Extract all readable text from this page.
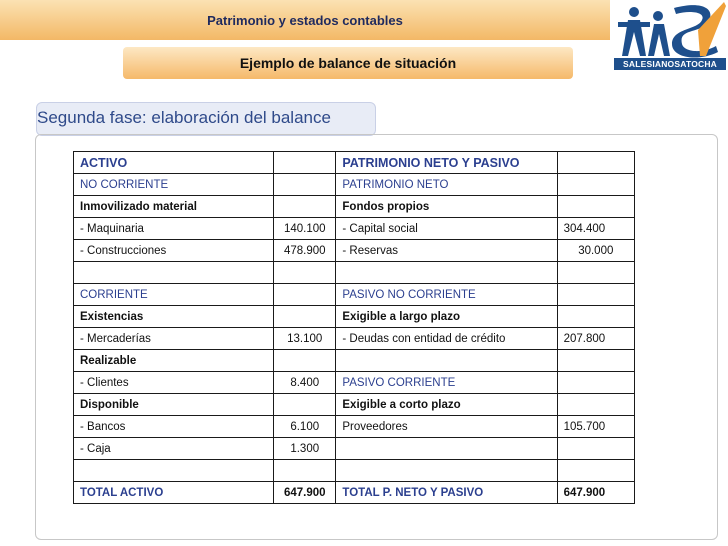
Patrimonio y estados contables
SALESIANOSATOCHA
Ejemplo de balance de situación
Segunda fase: elaboración del balance
ACTIVO		PATRIMONIO NETO Y PASIVO	
NO CORRIENTE		PATRIMONIO NETO	
Inmovilizado material		Fondos propios	
- Maquinaria	140.100	- Capital social	304.400
- Construcciones	478.900	- Reservas	30.000

CORRIENTE		PASIVO NO CORRIENTE	
Existencias		Exigible a largo plazo	
- Mercaderías	13.100	- Deudas con entidad de crédito	207.800
Realizable			
- Clientes	8.400	PASIVO CORRIENTE	
Disponible		Exigible a corto plazo	
- Bancos	6.100	Proveedores	105.700
- Caja	1.300		

TOTAL ACTIVO	647.900	TOTAL P. NETO Y PASIVO	647.900
